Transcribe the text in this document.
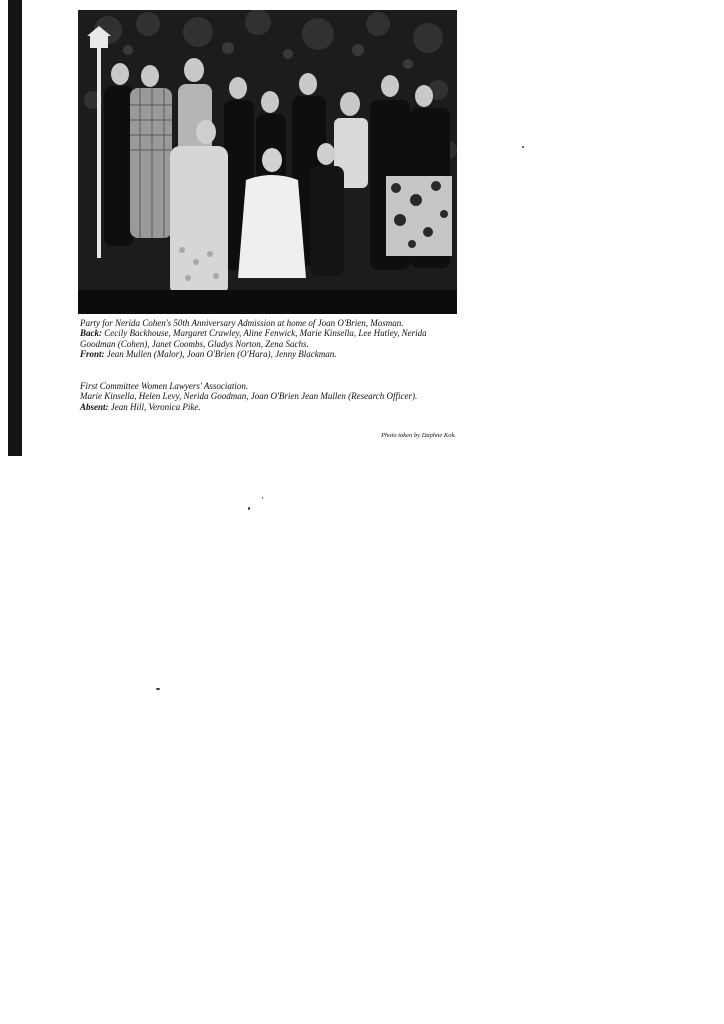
Party for Nerida Cohen's 50th Anniversary Admission at home of Joan O'Brien, Mosman.
Back: Cecily Backhouse, Margaret Crawley, Aline Fenwick, Marie Kinsella, Lee Hutley, Nerida Goodman (Cohen), Janet Coombs, Gladys Norton, Zena Sachs.
Front: Jean Mullen (Malor), Joan O'Brien (O'Hara), Jenny Blackman.

First Committee Women Lawyers' Association.
Marie Kinsella, Helen Levy, Nerida Goodman, Joan O'Brien Jean Mullen (Research Officer).
Absent: Jean Hill, Veronica Pike.

Photo taken by Daphne Kok.
